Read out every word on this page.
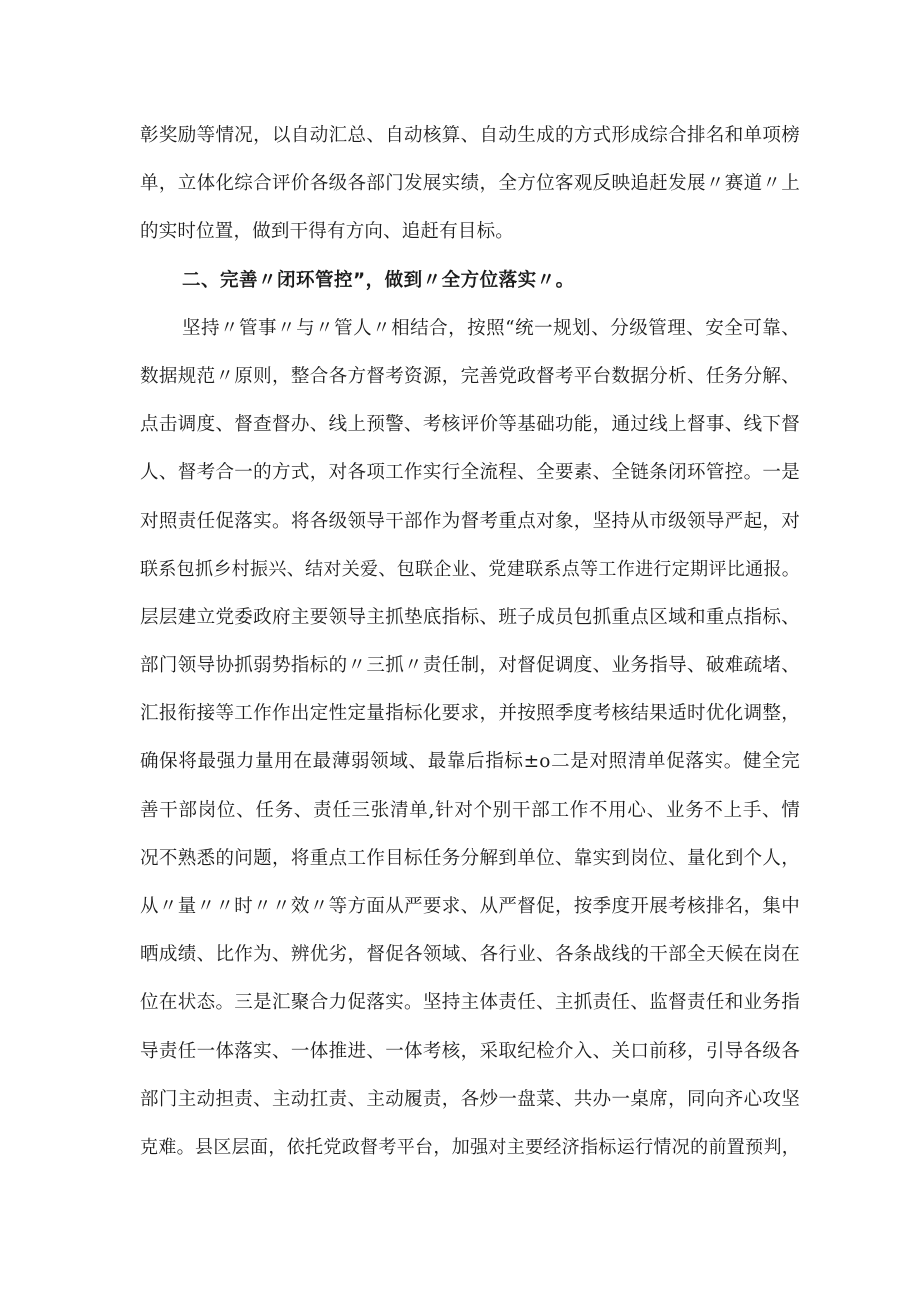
彰奖励等情况，以自动汇总、自动核算、自动生成的方式形成综合排名和单项榜
单，立体化综合评价各级各部门发展实绩，全方位客观反映追赶发展〃赛道〃上
的实时位置，做到干得有方向、追赶有目标。
二、完善〃闭环管控”，做到〃全方位落实〃。
坚持〃管事〃与〃管人〃相结合，按照“统一规划、分级管理、安全可靠、
数据规范〃原则，整合各方督考资源，完善党政督考平台数据分析、任务分解、
点击调度、督查督办、线上预警、考核评价等基础功能，通过线上督事、线下督
人、督考合一的方式，对各项工作实行全流程、全要素、全链条闭环管控。一是
对照责任促落实。将各级领导干部作为督考重点对象，坚持从市级领导严起，对
联系包抓乡村振兴、结对关爱、包联企业、党建联系点等工作进行定期评比通报。
层层建立党委政府主要领导主抓垫底指标、班子成员包抓重点区域和重点指标、
部门领导协抓弱势指标的〃三抓〃责任制，对督促调度、业务指导、破难疏堵、
汇报衔接等工作作出定性定量指标化要求，并按照季度考核结果适时优化调整，
确保将最强力量用在最薄弱领域、最靠后指标±o二是对照清单促落实。健全完
善干部岗位、任务、责任三张清单,针对个别干部工作不用心、业务不上手、情
况不熟悉的问题，将重点工作目标任务分解到单位、靠实到岗位、量化到个人，
从〃量〃〃时〃〃效〃等方面从严要求、从严督促，按季度开展考核排名，集中
晒成绩、比作为、辨优劣，督促各领域、各行业、各条战线的干部全天候在岗在
位在状态。三是汇聚合力促落实。坚持主体责任、主抓责任、监督责任和业务指
导责任一体落实、一体推进、一体考核，采取纪检介入、关口前移，引导各级各
部门主动担责、主动扛责、主动履责，各炒一盘菜、共办一桌席，同向齐心攻坚
克难。县区层面，依托党政督考平台，加强对主要经济指标运行情况的前置预判，
